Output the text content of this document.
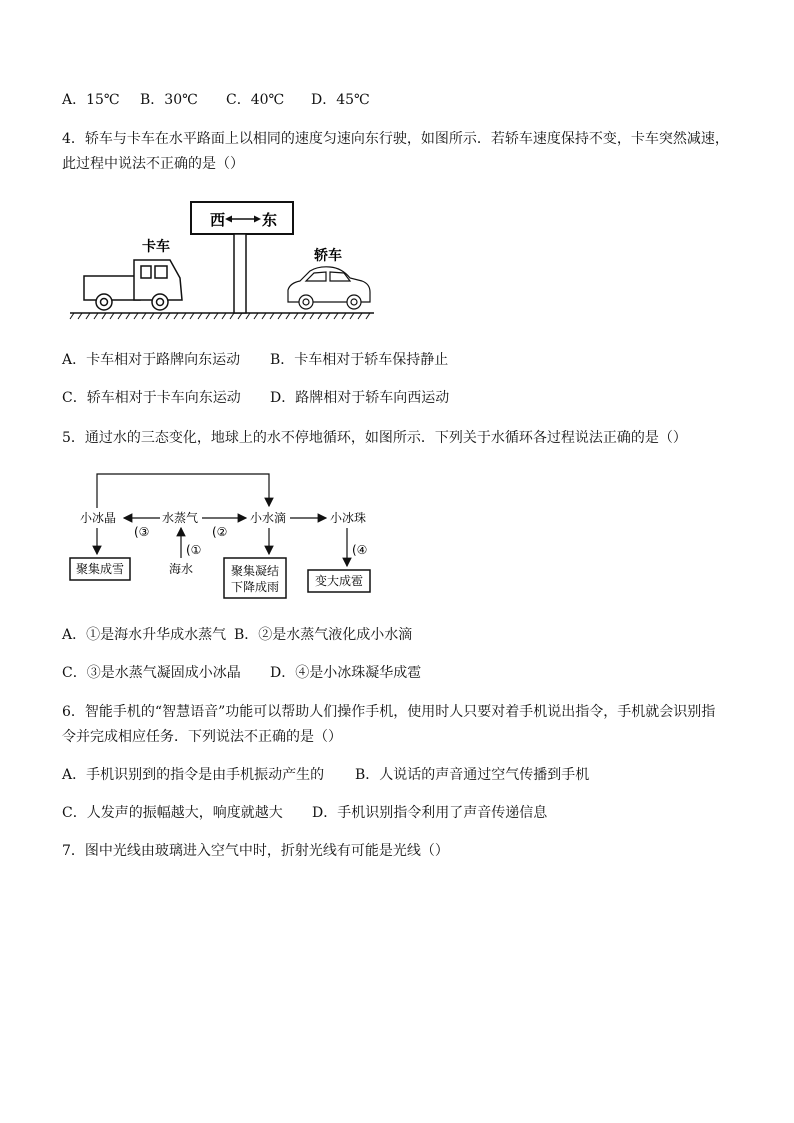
A．15℃ B．30℃ C．40℃ D．45℃
4．轿车与卡车在水平路面上以相同的速度匀速向东行驶，如图所示．若轿车速度保持不变，卡车突然减速，
此过程中说法不正确的是（）
西 东
卡车
轿车
A．卡车相对于路牌向东运动 B．卡车相对于轿车保持静止
C．轿车相对于卡车向东运动 D．路牌相对于轿车向西运动
5．通过水的三态变化，地球上的水不停地循环，如图所示．下列关于水循环各过程说法正确的是（）
小冰晶	水蒸气	小水滴	小冰珠
(③	(②
(①
海水
聚集成雪	聚集凝结
下降成雨
(④
变大成雹
A．①是海水升华成水蒸气 B．②是水蒸气液化成小水滴
C．③是水蒸气凝固成小冰晶 D．④是小冰珠凝华成雹
6．智能手机的“智慧语音”功能可以帮助人们操作手机，使用时人只要对着手机说出指令，手机就会识别指
令并完成相应任务．下列说法不正确的是（）
A．手机识别到的指令是由手机振动产生的 B．人说话的声音通过空气传播到手机
C．人发声的振幅越大，响度就越大 D．手机识别指令利用了声音传递信息
7．图中光线由玻璃进入空气中时，折射光线有可能是光线（）
